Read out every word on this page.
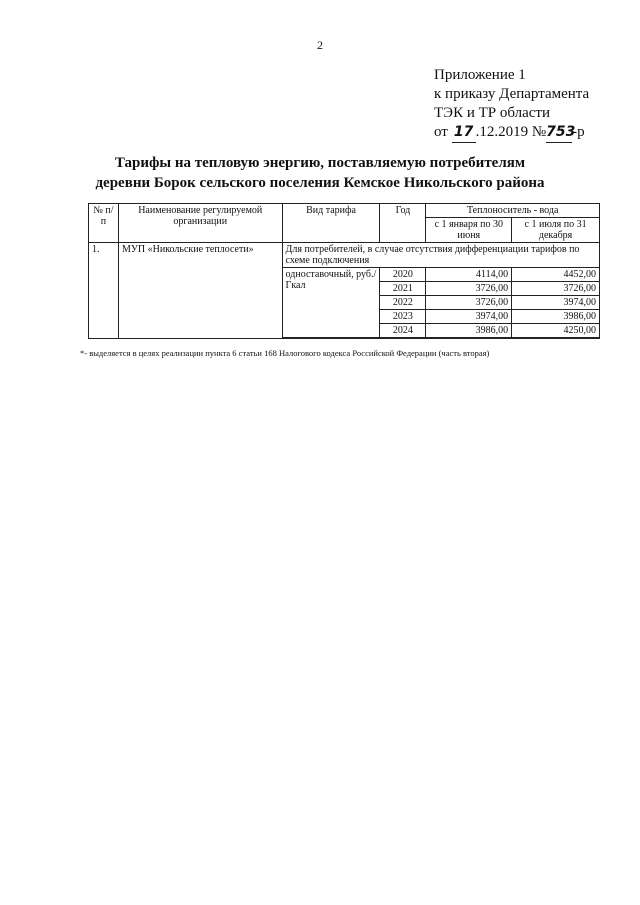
2
Приложение 1
к приказу Департамента
ТЭК и ТР области
от 17 .12.2019 №753-р
Тарифы на тепловую энергию, поставляемую потребителям
деревни Борок сельского поселения Кемское Никольского района
№ п/п	Наименование регулируемой организации	Вид тарифа	Год	Теплоноситель - вода	
				с 1 января по 30 июня	с 1 июля по 31 декабря
1.	МУП «Никольские теплосети»	Для потребителей, в случае отсутствия дифференциации тарифов по схеме подключения			
		одноставочный, руб./Гкал	2020	4114,00	4452,00
			2021	3726,00	3726,00
			2022	3726,00	3974,00
			2023	3974,00	3986,00
			2024	3986,00	4250,00

*- выделяется в целях реализации пункта 6 статьи 168 Налогового кодекса Российской Федерации (часть вторая)
